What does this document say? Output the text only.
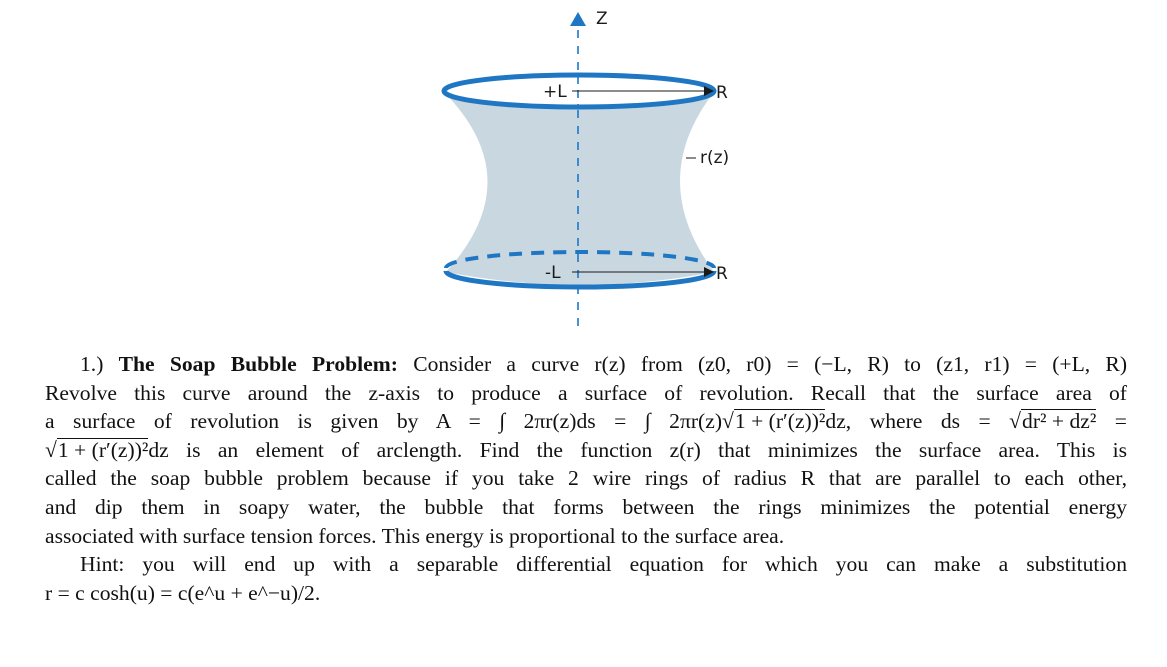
Z
+L
-L
R
R
r(z)
1.) The Soap Bubble Problem: Consider a curve r(z) from (z0, r0) = (−L, R) to (z1, r1) = (+L, R)
Revolve this curve around the z-axis to produce a surface of revolution. Recall that the surface area of
a surface of revolution is given by A = ∫ 2πr(z)ds = ∫ 2πr(z)√1 + (r′(z))²dz, where ds = √dr² + dz² =
√1 + (r′(z))²dz is an element of arclength. Find the function z(r) that minimizes the surface area. This is
called the soap bubble problem because if you take 2 wire rings of radius R that are parallel to each other,
and dip them in soapy water, the bubble that forms between the rings minimizes the potential energy
associated with surface tension forces. This energy is proportional to the surface area.
Hint: you will end up with a separable differential equation for which you can make a substitution
r = c cosh(u) = c(e^u + e^−u)/2.
